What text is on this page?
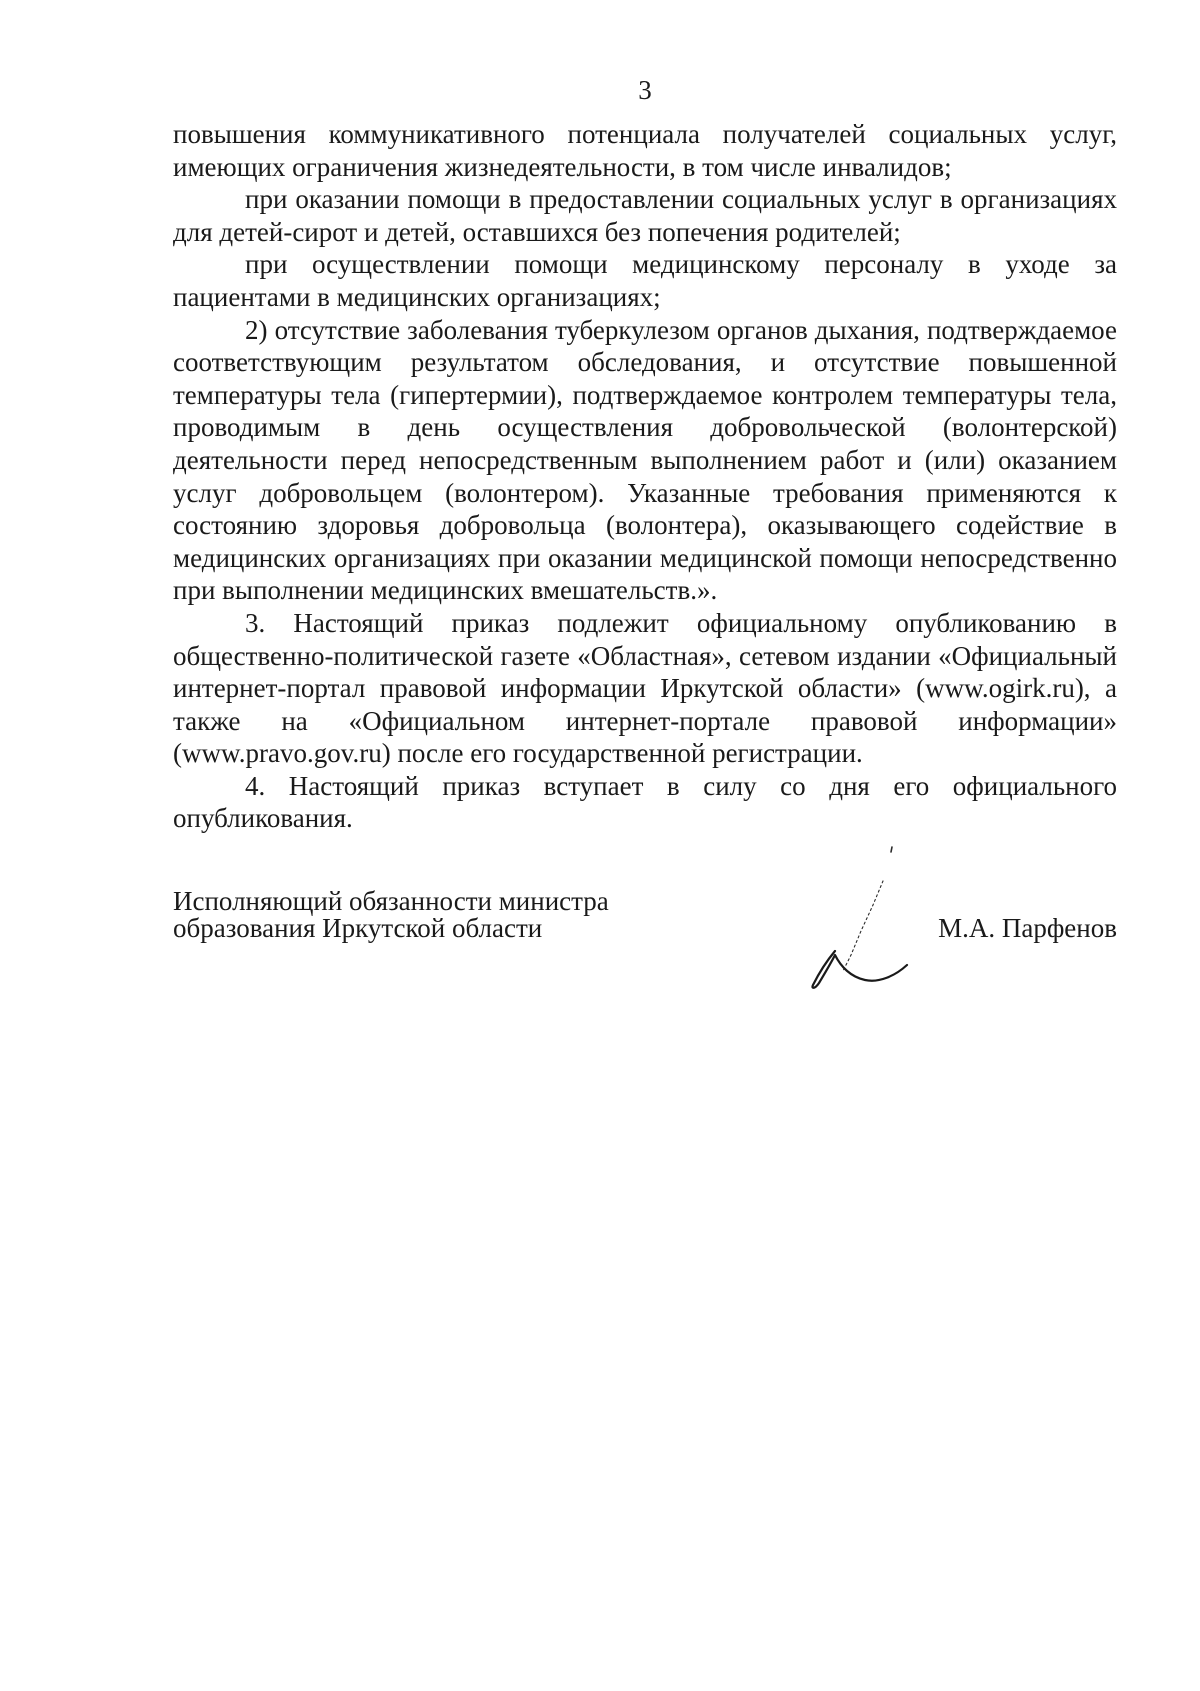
3

повышения коммуникативного потенциала получателей социальных услуг, имеющих ограничения жизнедеятельности, в том числе инвалидов;

при оказании помощи в предоставлении социальных услуг в организациях для детей-сирот и детей, оставшихся без попечения родителей;

при осуществлении помощи медицинскому персоналу в уходе за пациентами в медицинских организациях;

2) отсутствие заболевания туберкулезом органов дыхания, подтверждаемое соответствующим результатом обследования, и отсутствие повышенной температуры тела (гипертермии), подтверждаемое контролем температуры тела, проводимым в день осуществления добровольческой (волонтерской) деятельности перед непосредственным выполнением работ и (или) оказанием услуг добровольцем (волонтером). Указанные требования применяются к состоянию здоровья добровольца (волонтера), оказывающего содействие в медицинских организациях при оказании медицинской помощи непосредственно при выполнении медицинских вмешательств.».

3. Настоящий приказ подлежит официальному опубликованию в общественно-политической газете «Областная», сетевом издании «Официальный интернет-портал правовой информации Иркутской области» (www.ogirk.ru), а также на «Официальном интернет-портале правовой информации» (www.pravo.gov.ru) после его государственной регистрации.

4. Настоящий приказ вступает в силу со дня его официального опубликования.

Исполняющий обязанности министра
образования Иркутской области	М.А. Парфенов
